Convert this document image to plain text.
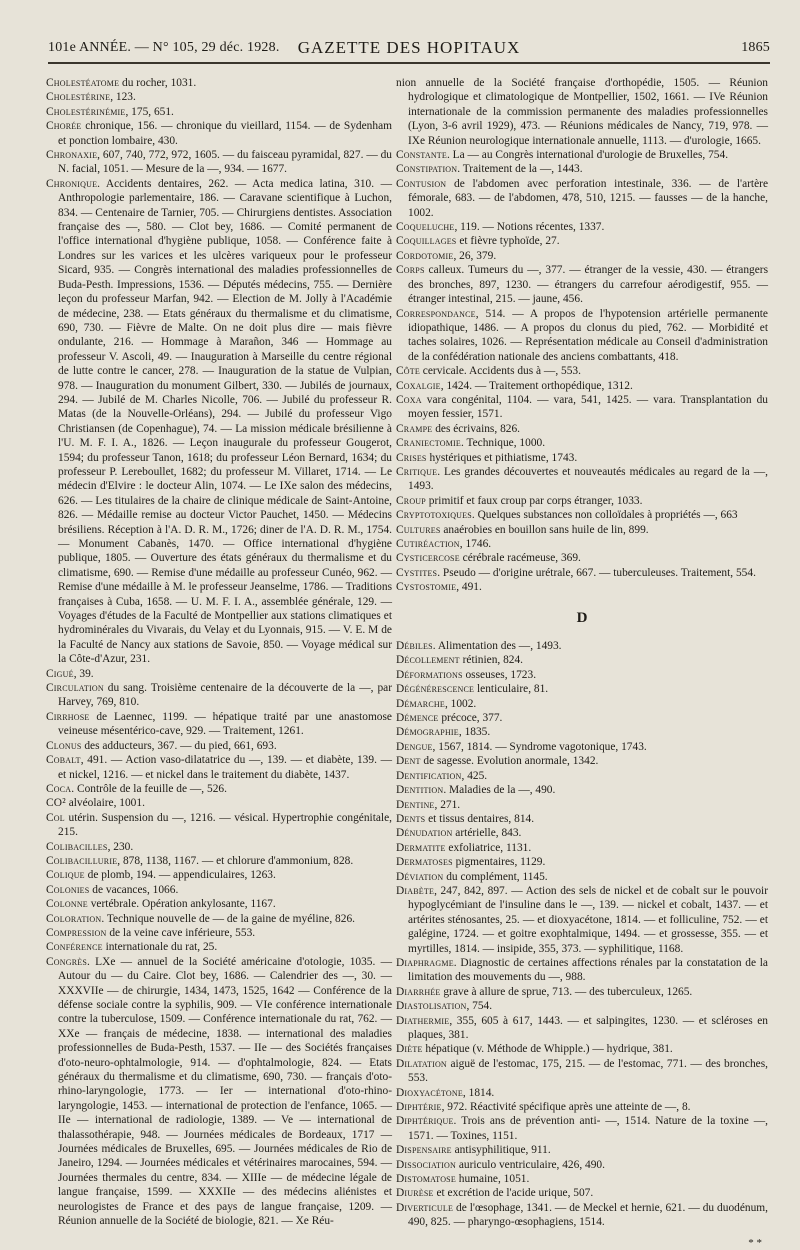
101e ANNÉE. — N° 105, 29 déc. 1928.	GAZETTE DES HOPITAUX	1865
Cholestéatome du rocher, 1031.
Cholestérine, 123.
Cholestérinémie, 175, 651.
Chorée chronique, 156. — chronique du vieillard, 1154. — de Sydenham et ponction lombaire, 430.
Chronaxie, 607, 740, 772, 972, 1605. — du faisceau pyramidal, 827. — du N. facial, 1051. — Mesure de la —, 934. — 1677.
Chronique. Accidents dentaires, 262. — Acta medica latina, 310. — Anthropologie parlementaire, 186. — Caravane scientifique à Luchon, 834. — Centenaire de Tarnier, 705. — Chirurgiens dentistes. Association française des —, 580. — Clot bey, 1686. — Comité permanent de l'office international d'hygiène publique, 1058. — Conférence faite à Londres sur les varices et les ulcères variqueux pour le professeur Sicard, 935. — Congrès international des maladies professionnelles de Buda-Pesth. Impressions, 1536. — Députés médecins, 755. — Dernière leçon du professeur Marfan, 942. — Election de M. Jolly à l'Académie de médecine, 238. — Etats généraux du thermalisme et du climatisme, 690, 730. — Fièvre de Malte. On ne doit plus dire — mais fièvre ondulante, 216. — Hommage à Marañon, 346 — Hommage au professeur V. Ascoli, 49. — Inauguration à Marseille du centre régional de lutte contre le cancer, 278. — Inauguration de la statue de Vulpian, 978. — Inauguration du monument Gilbert, 330. — Jubilés de journaux, 294. — Jubilé de M. Charles Nicolle, 706. — Jubilé du professeur R. Matas (de la Nouvelle-Orléans), 294. — Jubilé du professeur Vigo Christiansen (de Copenhague), 74. — La mission médicale brésilienne à l'U. M. F. I. A., 1826. — Leçon inaugurale du professeur Gougerot, 1594; du professeur Tanon, 1618; du professeur Léon Bernard, 1634; du professeur P. Lereboullet, 1682; du professeur M. Villaret, 1714. — Le médecin d'Elvire : le docteur Alin, 1074. — Le IXe salon des médecins, 626. — Les titulaires de la chaire de clinique médicale de Saint-Antoine, 826. — Médaille remise au docteur Victor Pauchet, 1450. — Médecins brésiliens. Réception à l'A. D. R. M., 1726; diner de l'A. D. R. M., 1754. — Monument Cabanès, 1470. — Office international d'hygiène publique, 1805. — Ouverture des états généraux du thermalisme et du climatisme, 690. — Remise d'une médaille au professeur Cunéo, 962. — Remise d'une médaille à M. le professeur Jeanselme, 1786. — Traditions françaises à Cuba, 1658. — U. M. F. I. A., assemblée générale, 129. — Voyages d'études de la Faculté de Montpellier aux stations climatiques et hydrominérales du Vivarais, du Velay et du Lyonnais, 915. — V. E. M de la Faculté de Nancy aux stations de Savoie, 850. — Voyage médical sur la Côte-d'Azur, 231.
Cigué, 39.
Circulation du sang. Troisième centenaire de la découverte de la —, par Harvey, 769, 810.
Cirrhose de Laennec, 1199. — hépatique traité par une anastomose veineuse mésentérico-cave, 929. — Traitement, 1261.
Clonus des adducteurs, 367. — du pied, 661, 693.
Cobalt, 491. — Action vaso-dilatatrice du —, 139. — et diabète, 139. — et nickel, 1216. — et nickel dans le traitement du diabète, 1437.
Coca. Contrôle de la feuille de —, 526.
CO² alvéolaire, 1001.
Col utérin. Suspension du —, 1216. — vésical. Hypertrophie congénitale, 215.
Colibacilles, 230.
Colibacillurie, 878, 1138, 1167. — et chlorure d'ammonium, 828.
Colique de plomb, 194. — appendiculaires, 1263.
Colonies de vacances, 1066.
Colonne vertébrale. Opération ankylosante, 1167.
Coloration. Technique nouvelle de — de la gaine de myéline, 826.
Compression de la veine cave inférieure, 553.
Conférence internationale du rat, 25.
Congrès. LXe — annuel de la Société américaine d'otologie, 1035. — Autour du — du Caire. Clot bey, 1686. — Calendrier des —, 30. — XXXVIIe — de chirurgie, 1434, 1473, 1525, 1642 — Conférence de la défense sociale contre la syphilis, 909. — VIe conférence internationale contre la tuberculose, 1509. — Conférence internationale du rat, 762. — XXe — français de médecine, 1838. — international des maladies professionnelles de Buda-Pesth, 1537. — IIe — des Sociétés françaises d'oto-neuro-ophtalmologie, 914. — d'ophtalmologie, 824. — Etats généraux du thermalisme et du climatisme, 690, 730. — français d'oto-rhino-laryngologie, 1773. — Ier — international d'oto-rhino-laryngologie, 1453. — international de protection de l'enfance, 1065. — IIe — international de radiologie, 1389. — Ve — international de thalassothérapie, 948. — Journées médicales de Bordeaux, 1717 — Journées médicales de Bruxelles, 695. — Journées médicales de Rio de Janeiro, 1294. — Journées médicales et vétérinaires marocaines, 594. — Journées thermales du centre, 834. — XIIIe — de médecine légale de langue française, 1599. — XXXIIe — des médecins aliénistes et neurologistes de France et des pays de langue française, 1209. — Réunion annuelle de la Société de biologie, 821. — Xe Réu-
nion annuelle de la Société française d'orthopédie, 1505. — Réunion hydrologique et climatologique de Montpellier, 1502, 1661. — IVe Réunion internationale de la commission permanente des maladies professionnelles (Lyon, 3-6 avril 1929), 473. — Réunions médicales de Nancy, 719, 978. — IXe Réunion neurologique internationale annuelle, 1113. — d'urologie, 1665.
Constante. La — au Congrès international d'urologie de Bruxelles, 754.
Constipation. Traitement de la —, 1443.
Contusion de l'abdomen avec perforation intestinale, 336. — de l'artère fémorale, 683. — de l'abdomen, 478, 510, 1215. — fausses — de la hanche, 1002.
Coqueluche, 119. — Notions récentes, 1337.
Coquillages et fièvre typhoïde, 27.
Cordotomie, 26, 379.
Corps calleux. Tumeurs du —, 377. — étranger de la vessie, 430. — étrangers des bronches, 897, 1230. — étrangers du carrefour aérodigestif, 955. — étranger intestinal, 215. — jaune, 456.
Correspondance, 514. — A propos de l'hypotension artérielle permanente idiopathique, 1486. — A propos du clonus du pied, 762. — Morbidité et taches solaires, 1026. — Représentation médicale au Conseil d'administration de la confédération nationale des anciens combattants, 418.
Côte cervicale. Accidents dus à —, 553.
Coxalgie, 1424. — Traitement orthopédique, 1312.
Coxa vara congénital, 1104. — vara, 541, 1425. — vara. Transplantation du moyen fessier, 1571.
Crampe des écrivains, 826.
Craniectomie. Technique, 1000.
Crises hystériques et pithiatisme, 1743.
Critique. Les grandes découvertes et nouveautés médicales au regard de la —, 1493.
Croup primitif et faux croup par corps étranger, 1033.
Cryptotoxiques. Quelques substances non colloïdales à propriétés —, 663
Cultures anaérobies en bouillon sans huile de lin, 899.
Cutiréaction, 1746.
Cysticercose cérébrale racémeuse, 369.
Cystites. Pseudo — d'origine urétrale, 667. — tuberculeuses. Traitement, 554.
Cystostomie, 491.
D
Débiles. Alimentation des —, 1493.
Décollement rétinien, 824.
Déformations osseuses, 1723.
Dégénérescence lenticulaire, 81.
Démarche, 1002.
Démence précoce, 377.
Démographie, 1835.
Dengue, 1567, 1814. — Syndrome vagotonique, 1743.
Dent de sagesse. Evolution anormale, 1342.
Dentification, 425.
Dentition. Maladies de la —, 490.
Dentine, 271.
Dents et tissus dentaires, 814.
Dénudation artérielle, 843.
Dermatite exfoliatrice, 1131.
Dermatoses pigmentaires, 1129.
Déviation du complément, 1145.
Diabète, 247, 842, 897. — Action des sels de nickel et de cobalt sur le pouvoir hypoglycémiant de l'insuline dans le —, 139. — nickel et cobalt, 1437. — et artérites sténosantes, 25. — et dioxyacétone, 1814. — et folliculine, 752. — et galégine, 1724. — et goitre exophtalmique, 1494. — et grossesse, 355. — et myrtilles, 1814. — insipide, 355, 373. — syphilitique, 1168.
Diaphragme. Diagnostic de certaines affections rénales par la constatation de la limitation des mouvements du —, 988.
Diarrhée grave à allure de sprue, 713. — des tuberculeux, 1265.
Diastolisation, 754.
Diathermie, 355, 605 à 617, 1443. — et salpingites, 1230. — et scléroses en plaques, 381.
Diète hépatique (v. Méthode de Whipple.) — hydrique, 381.
Dilatation aiguë de l'estomac, 175, 215. — de l'estomac, 771. — des bronches, 553.
Dioxyacétone, 1814.
Diphtérie, 972. Réactivité spécifique après une atteinte de —, 8.
Diphtérique. Trois ans de prévention anti- —, 1514. Nature de la toxine —, 1571. — Toxines, 1151.
Dispensaire antisyphilitique, 911.
Dissociation auriculo ventriculaire, 426, 490.
Distomatose humaine, 1051.
Diurèse et excrétion de l'acide urique, 507.
Diverticule de l'œsophage, 1341. — de Meckel et hernie, 621. — du duodénum, 490, 825. — pharyngo-œsophagiens, 1514.
* *
